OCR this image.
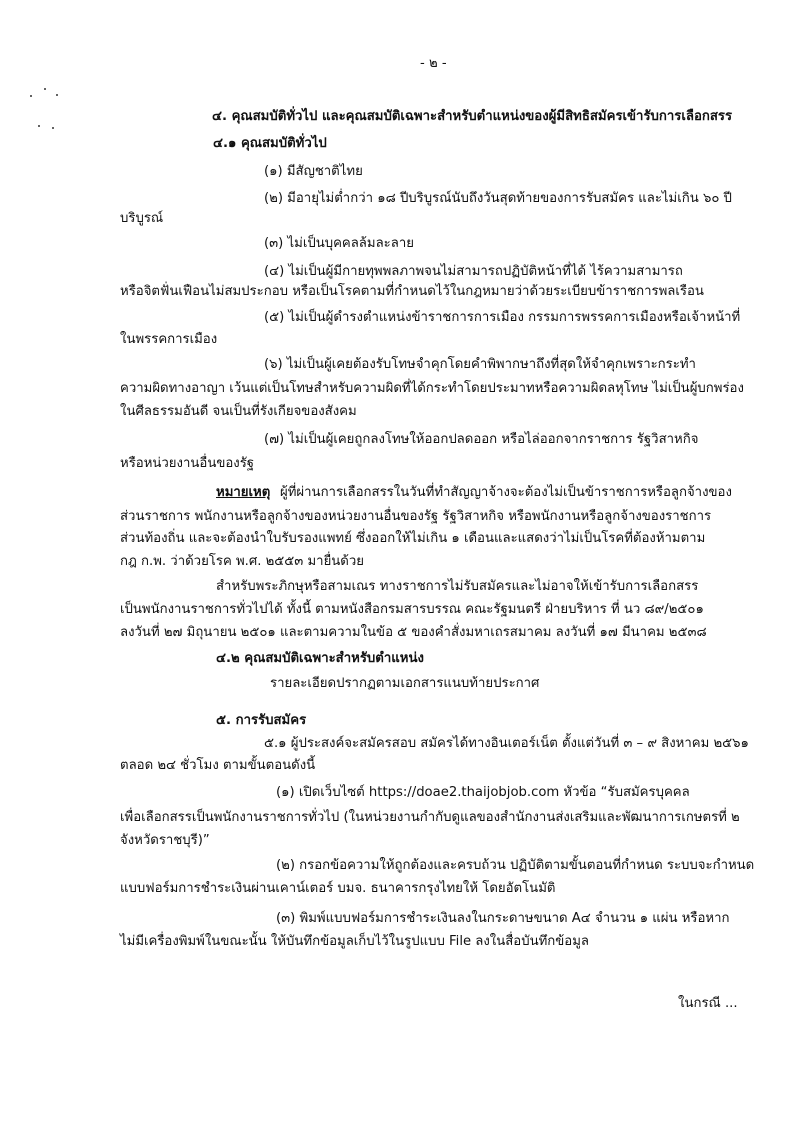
- ๒ -
หมายเหตุ
๔. คุณสมบัติทั่วไป และคุณสมบัติเฉพาะสำหรับตำแหน่งของผู้มีสิทธิสมัครเข้ารับการเลือกสรร
๔.๑ คุณสมบัติทั่วไป
(๑) มีสัญชาติไทย
(๒) มีอายุไม่ต่ำกว่า ๑๘ ปีบริบูรณ์นับถึงวันสุดท้ายของการรับสมัคร และไม่เกิน ๖๐ ปี
บริบูรณ์
(๓) ไม่เป็นบุคคลล้มละลาย
(๔) ไม่เป็นผู้มีกายทุพพลภาพจนไม่สามารถปฏิบัติหน้าที่ได้ ไร้ความสามารถ
หรือจิตฟั่นเฟือนไม่สมประกอบ หรือเป็นโรคตามที่กำหนดไว้ในกฎหมายว่าด้วยระเบียบข้าราชการพลเรือน
(๕) ไม่เป็นผู้ดำรงตำแหน่งข้าราชการการเมือง กรรมการพรรคการเมืองหรือเจ้าหน้าที่
ในพรรคการเมือง
(๖) ไม่เป็นผู้เคยต้องรับโทษจำคุกโดยคำพิพากษาถึงที่สุดให้จำคุกเพราะกระทำ
ความผิดทางอาญา เว้นแต่เป็นโทษสำหรับความผิดที่ได้กระทำโดยประมาทหรือความผิดลหุโทษ ไม่เป็นผู้บกพร่อง
ในศีลธรรมอันดี จนเป็นที่รังเกียจของสังคม
(๗) ไม่เป็นผู้เคยถูกลงโทษให้ออกปลดออก หรือไล่ออกจากราชการ รัฐวิสาหกิจ
หรือหน่วยงานอื่นของรัฐ
ผู้ที่ผ่านการเลือกสรรในวันที่ทำสัญญาจ้างจะต้องไม่เป็นข้าราชการหรือลูกจ้างของ
ส่วนราชการ พนักงานหรือลูกจ้างของหน่วยงานอื่นของรัฐ รัฐวิสาหกิจ หรือพนักงานหรือลูกจ้างของราชการ
ส่วนท้องถิ่น และจะต้องนำใบรับรองแพทย์ ซึ่งออกให้ไม่เกิน ๑ เดือนและแสดงว่าไม่เป็นโรคที่ต้องห้ามตาม
กฎ ก.พ. ว่าด้วยโรค พ.ศ. ๒๕๕๓ มายื่นด้วย
สำหรับพระภิกษุหรือสามเณร ทางราชการไม่รับสมัครและไม่อาจให้เข้ารับการเลือกสรร
เป็นพนักงานราชการทั่วไปได้ ทั้งนี้ ตามหนังสือกรมสารบรรณ คณะรัฐมนตรี ฝ่ายบริหาร ที่ นว ๘๙/๒๕๐๑
ลงวันที่ ๒๗ มิถุนายน ๒๕๐๑ และตามความในข้อ ๕ ของคำสั่งมหาเถรสมาคม ลงวันที่ ๑๗ มีนาคม ๒๕๓๘
๔.๒ คุณสมบัติเฉพาะสำหรับตำแหน่ง
รายละเอียดปรากฏตามเอกสารแนบท้ายประกาศ
๕. การรับสมัคร
๕.๑ ผู้ประสงค์จะสมัครสอบ สมัครได้ทางอินเตอร์เน็ต ตั้งแต่วันที่ ๓ – ๙ สิงหาคม ๒๕๖๑
ตลอด ๒๔ ชั่วโมง ตามขั้นตอนดังนี้
(๑) เปิดเว็บไซต์ https://doae2.thaijobjob.com หัวข้อ “รับสมัครบุคคล
เพื่อเลือกสรรเป็นพนักงานราชการทั่วไป (ในหน่วยงานกำกับดูแลของสำนักงานส่งเสริมและพัฒนาการเกษตรที่ ๒
จังหวัดราชบุรี)”
(๒) กรอกข้อความให้ถูกต้องและครบถ้วน ปฏิบัติตามขั้นตอนที่กำหนด ระบบจะกำหนด
แบบฟอร์มการชำระเงินผ่านเคาน์เตอร์ บมจ. ธนาคารกรุงไทยให้ โดยอัตโนมัติ
(๓) พิมพ์แบบฟอร์มการชำระเงินลงในกระดาษขนาด A๔ จำนวน ๑ แผ่น หรือหาก
ไม่มีเครื่องพิมพ์ในขณะนั้น ให้บันทึกข้อมูลเก็บไว้ในรูปแบบ File ลงในสื่อบันทึกข้อมูล
ในกรณี ...
